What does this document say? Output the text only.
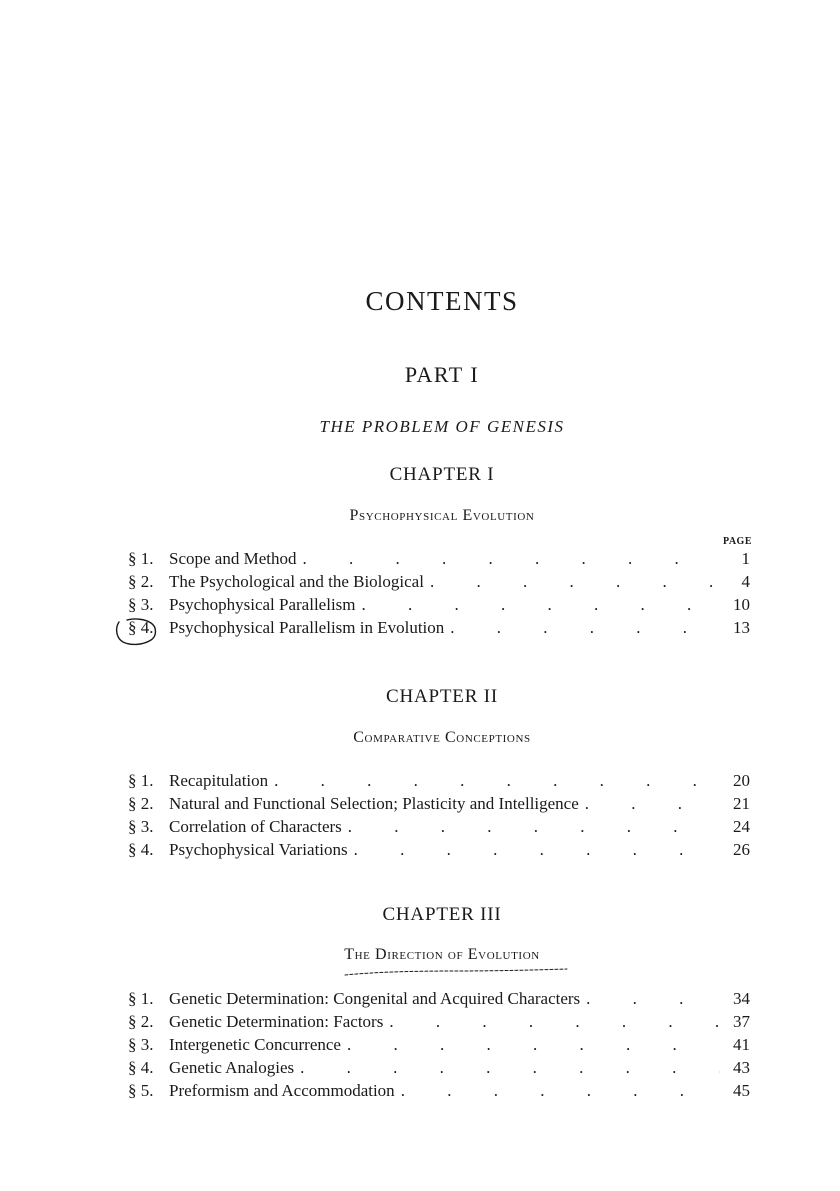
CONTENTS
PART I
THE PROBLEM OF GENESIS
CHAPTER I
Psychophysical Evolution
PAGE
§ 1. Scope and Method . . .	1
§ 2. The Psychological and the Biological . . .	4
§ 3. Psychophysical Parallelism . . .	10
§ 4. Psychophysical Parallelism in Evolution . . .	13
CHAPTER II
Comparative Conceptions
§ 1. Recapitulation . . .	20
§ 2. Natural and Functional Selection; Plasticity and Intelligence . . .	21
§ 3. Correlation of Characters . . .	24
§ 4. Psychophysical Variations . . .	26
CHAPTER III
The Direction of Evolution
§ 1. Genetic Determination: Congenital and Acquired Characters . . .	34
§ 2. Genetic Determination: Factors . . .	37
§ 3. Intergenetic Concurrence . . .	41
§ 4. Genetic Analogies . . .	43
§ 5. Preformism and Accommodation . . .	45
